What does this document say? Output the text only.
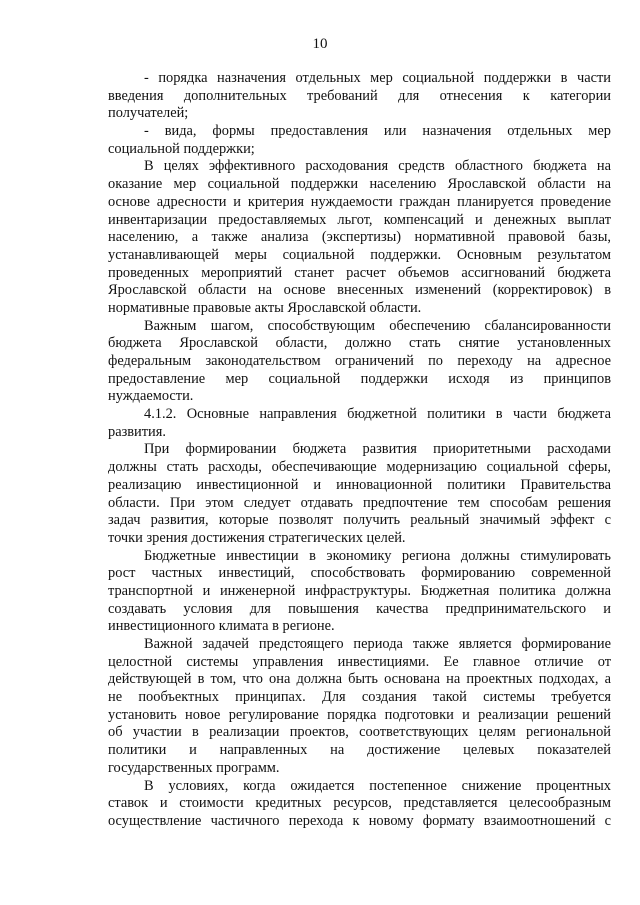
10
- порядка назначения отдельных мер социальной поддержки в части
введения дополнительных требований для отнесения к категории
получателей;
- вида, формы предоставления или назначения отдельных мер
социальной поддержки;
В целях эффективного расходования средств областного бюджета на
оказание мер социальной поддержки населению Ярославской области на
основе адресности и критерия нуждаемости граждан планируется проведение
инвентаризации предоставляемых льгот, компенсаций и денежных выплат
населению, а также анализа (экспертизы) нормативной правовой базы,
устанавливающей меры социальной поддержки. Основным результатом
проведенных мероприятий станет расчет объемов ассигнований бюджета
Ярославской области на основе внесенных изменений (корректировок) в
нормативные правовые акты Ярославской области.
Важным шагом, способствующим обеспечению сбалансированности
бюджета Ярославской области, должно стать снятие установленных
федеральным законодательством ограничений по переходу на адресное
предоставление мер социальной поддержки исходя из принципов
нуждаемости.
4.1.2. Основные направления бюджетной политики в части бюджета
развития.
При формировании бюджета развития приоритетными расходами
должны стать расходы, обеспечивающие модернизацию социальной сферы,
реализацию инвестиционной и инновационной политики Правительства
области. При этом следует отдавать предпочтение тем способам решения
задач развития, которые позволят получить реальный значимый эффект с
точки зрения достижения стратегических целей.
Бюджетные инвестиции в экономику региона должны стимулировать
рост частных инвестиций, способствовать формированию современной
транспортной и инженерной инфраструктуры. Бюджетная политика должна
создавать условия для повышения качества предпринимательского и
инвестиционного климата в регионе.
Важной задачей предстоящего периода также является формирование
целостной системы управления инвестициями. Ее главное отличие от
действующей в том, что она должна быть основана на проектных подходах, а
не пообъектных принципах. Для создания такой системы требуется
установить новое регулирование порядка подготовки и реализации решений
об участии в реализации проектов, соответствующих целям региональной
политики и направленных на достижение целевых показателей
государственных программ.
В условиях, когда ожидается постепенное снижение процентных
ставок и стоимости кредитных ресурсов, представляется целесообразным
осуществление частичного перехода к новому формату взаимоотношений с
